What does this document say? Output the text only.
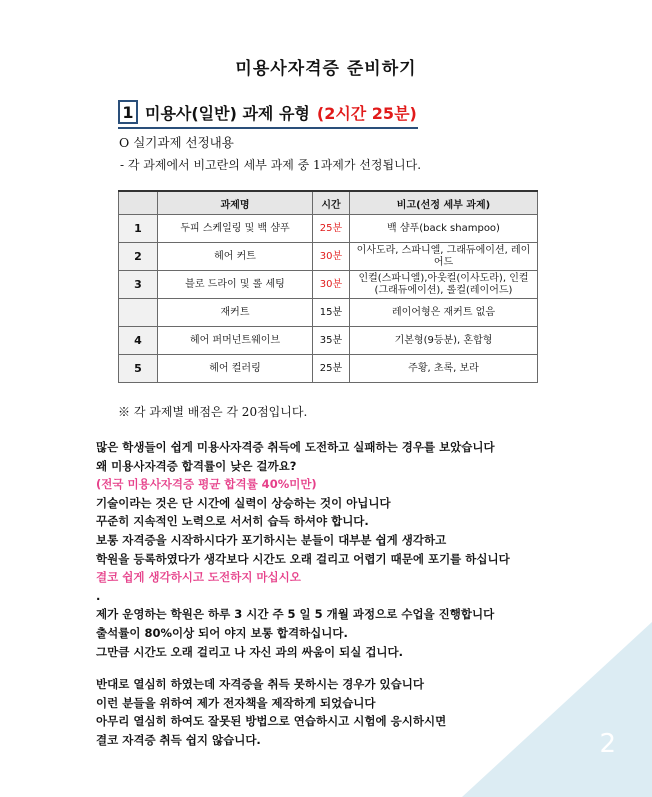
2
미용사자격증 준비하기
1 미용사(일반) 과제 유형 (2시간 25분)
O 실기과제 선정내용
- 각 과제에서 비고란의 세부 과제 중 1과제가 선정됩니다.
	과제명	시간	비고(선정 세부 과제)
1	두피 스케일링 및 백 샴푸	25분	백 샴푸(back shampoo)
2	헤어 커트	30분	이사도라, 스파니엘, 그래듀에이션, 레이어드
3	블로 드라이 및 롤 세팅	30분	인컬(스파니엘),아웃컬(이사도라), 인컬(그래듀에이션), 롤컬(레이어드)
	재커트	15분	레이어형은 재커트 없음
4	헤어 퍼머넌트웨이브	35분	기본형(9등분), 혼합형
5	헤어 컬러링	25분	주황, 초록, 보라
※ 각 과제별 배점은 각 20점입니다.
많은 학생들이 쉽게 미용사자격증 취득에 도전하고 실패하는 경우를 보았습니다
왜 미용사자격증 합격률이 낮은 걸까요?
(전국 미용사자격증 평균 합격률 40%미만)
기술이라는 것은 단 시간에 실력이 상승하는 것이 아닙니다
꾸준히 지속적인 노력으로 서서히 습득 하셔야 합니다.
보통 자격증을 시작하시다가 포기하시는 분들이 대부분 쉽게 생각하고
학원을 등록하였다가 생각보다 시간도 오래 걸리고 어렵기 때문에 포기를 하십니다
결코 쉽게 생각하시고 도전하지 마십시오
.
제가 운영하는 학원은 하루 3 시간 주 5 일 5 개월 과정으로 수업을 진행합니다
출석률이 80%이상 되어 야지 보통 합격하십니다.
그만큼 시간도 오래 걸리고 나 자신 과의 싸움이 되실 겁니다.
반대로 열심히 하였는데 자격증을 취득 못하시는 경우가 있습니다
이런 분들을 위하여 제가 전자책을 제작하게 되었습니다
아무리 열심히 하여도 잘못된 방법으로 연습하시고 시험에 응시하시면
결코 자격증 취득 쉽지 않습니다.
